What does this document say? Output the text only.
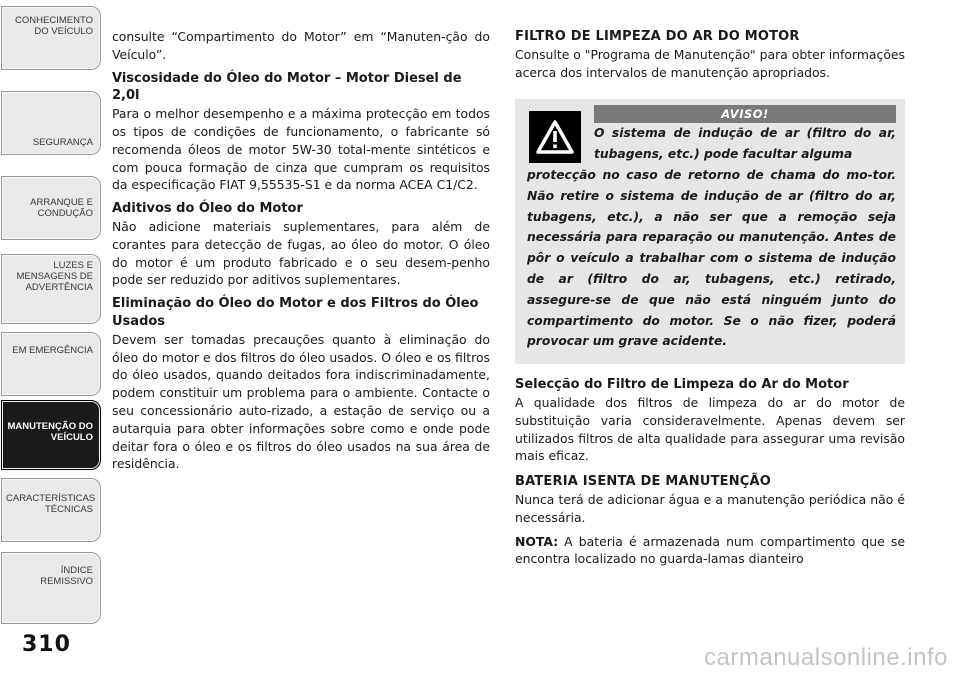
CONHECIMENTO DO VEÍCULO
SEGURANÇA
ARRANQUE E CONDUÇÃO
LUZES E MENSAGENS DE ADVERTÊNCIA
EM EMERGÊNCIA
MANUTENÇÃO DO VEÍCULO
CARACTERÍSTICAS TÉCNICAS
ÍNDICE REMISSIVO
310

consulte “Compartimento do Motor” em “Manuten-ção do Veículo”.

Viscosidade do Óleo do Motor – Motor Diesel de 2,0l

Para o melhor desempenho e a máxima protecção em todos os tipos de condições de funcionamento, o fabricante só recomenda óleos de motor 5W-30 total-mente sintéticos e com pouca formação de cinza que cumpram os requisitos da especificação FIAT 9,55535-S1 e da norma ACEA C1/C2.

Aditivos do Óleo do Motor

Não adicione materiais suplementares, para além de corantes para detecção de fugas, ao óleo do motor. O óleo do motor é um produto fabricado e o seu desem-penho pode ser reduzido por aditivos suplementares.

Eliminação do Óleo do Motor e dos Filtros do Óleo Usados

Devem ser tomadas precauções quanto à eliminação do óleo do motor e dos filtros do óleo usados. O óleo e os filtros do óleo usados, quando deitados fora indiscriminadamente, podem constituir um problema para o ambiente. Contacte o seu concessionário auto-rizado, a estação de serviço ou a autarquia para obter informações sobre como e onde pode deitar fora o óleo e os filtros do óleo usados na sua área de residência.

FILTRO DE LIMPEZA DO AR DO MOTOR

Consulte o "Programa de Manutenção" para obter informações acerca dos intervalos de manutenção apropriados.

AVISO!
O sistema de indução de ar (filtro do ar, tubagens, etc.) pode facultar alguma
protecção no caso de retorno de chama do mo-tor. Não retire o sistema de indução de ar (filtro do ar, tubagens, etc.), a não ser que a remoção seja necessária para reparação ou manutenção. Antes de pôr o veículo a trabalhar com o sistema de indução de ar (filtro do ar, tubagens, etc.) retirado, assegure-se de que não está ninguém junto do compartimento do motor. Se o não fizer, poderá provocar um grave acidente.
Selecção do Filtro de Limpeza do Ar do Motor

A qualidade dos filtros de limpeza do ar do motor de substituição varia consideravelmente. Apenas devem ser utilizados filtros de alta qualidade para assegurar uma revisão mais eficaz.

BATERIA ISENTA DE MANUTENÇÃO

Nunca terá de adicionar água e a manutenção periódica não é necessária.

NOTA: A bateria é armazenada num compartimento que se encontra localizado no guarda-lamas dianteiro

carmanualsonline.info
